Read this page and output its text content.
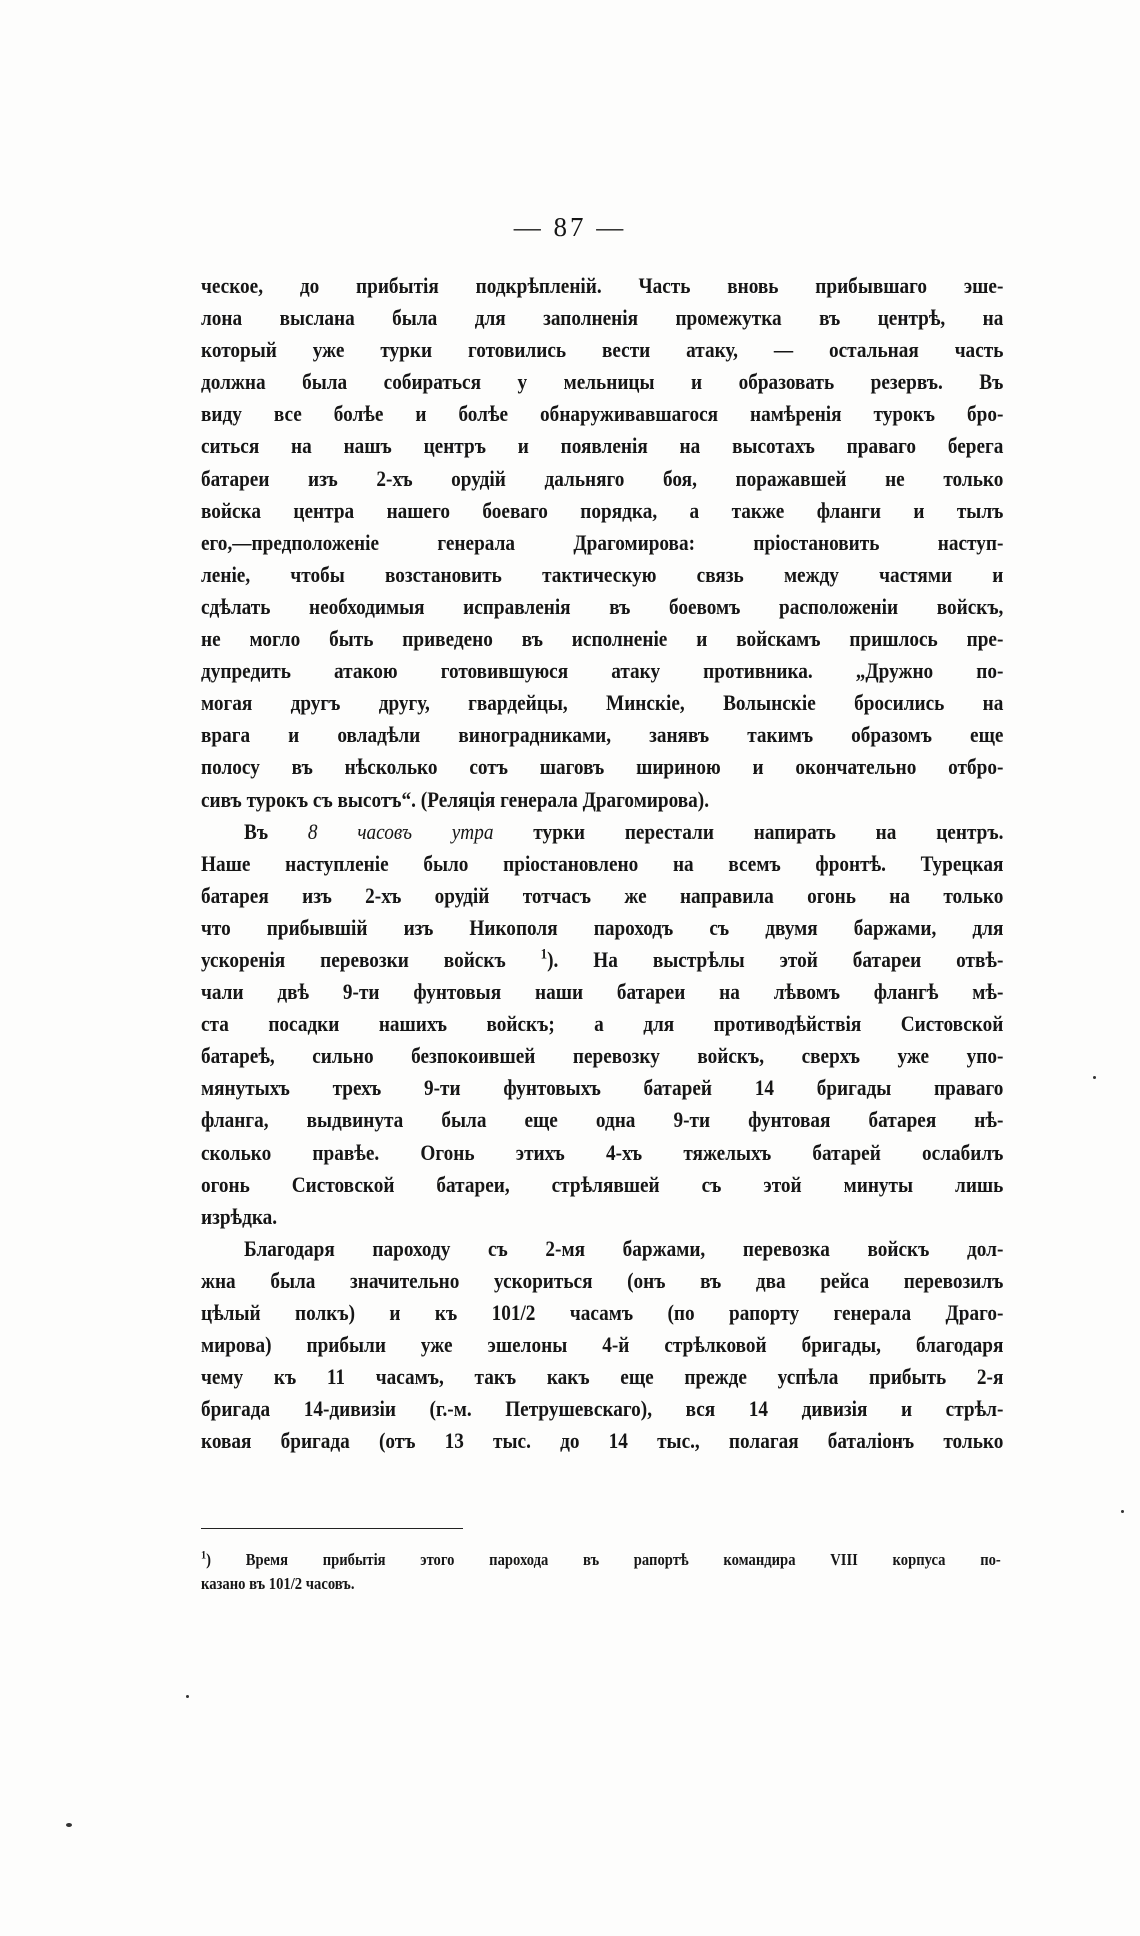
— 87 —
ческое, до прибытія подкрѣпленій. Часть вновь прибывшаго эше-
лона выслана была для заполненія промежутка въ центрѣ, на
который уже турки готовились вести атаку, — остальная часть
должна была собираться у мельницы и образовать резервъ. Въ
виду все болѣе и болѣе обнаруживавшагося намѣренія турокъ бро-
ситься на нашъ центръ и появленія на высотахъ праваго берега
батареи изъ 2-хъ орудій дальняго боя, поражавшей не только
войска центра нашего боеваго порядка, а также фланги и тылъ
его,—предположеніе генерала Драгомирова: пріостановить наступ-
леніе, чтобы возстановить тактическую связь между частями и
сдѣлать необходимыя исправленія въ боевомъ расположеніи войскъ,
не могло быть приведено въ исполненіе и войскамъ пришлось пре-
дупредить атакою готовившуюся атаку противника. „Дружно по-
могая другъ другу, гвардейцы, Минскіе, Волынскіе бросились на
врага и овладѣли виноградниками, занявъ такимъ образомъ еще
полосу въ нѣсколько сотъ шаговъ шириною и окончательно отбро-
сивъ турокъ съ высотъ“. (Реляція генерала Драгомирова).
Въ 8 часовъ утра турки перестали напирать на центръ.
Наше наступленіе было пріостановлено на всемъ фронтѣ. Турецкая
батарея изъ 2-хъ орудій тотчасъ же направила огонь на только
что прибывшій изъ Никополя пароходъ съ двумя баржами, для
ускоренія перевозки войскъ $^1$). На выстрѣлы этой батареи отвѣ-
чали двѣ 9-ти фунтовыя наши батареи на лѣвомъ флангѣ мѣ-
ста посадки нашихъ войскъ; а для противодѣйствія Систовской
батареѣ, сильно безпокоившей перевозку войскъ, сверхъ уже упо-
мянутыхъ трехъ 9-ти фунтовыхъ батарей 14 бригады праваго
фланга, выдвинута была еще одна 9-ти фунтовая батарея нѣ-
сколько правѣе. Огонь этихъ 4-хъ тяжелыхъ батарей ослабилъ
огонь Систовской батареи, стрѣлявшей съ этой минуты лишь
изрѣдка.
Благодаря пароходу съ 2-мя баржами, перевозка войскъ дол-
жна была значительно ускориться (онъ въ два рейса перевозилъ
цѣлый полкъ) и къ 101/2 часамъ (по рапорту генерала Драго-
мирова) прибыли уже эшелоны 4-й стрѣлковой бригады, благодаря
чему къ 11 часамъ, такъ какъ еще прежде успѣла прибыть 2-я
бригада 14-дивизіи (г.-м. Петрушевскаго), вся 14 дивизія и стрѣл-
ковая бригада (отъ 13 тыс. до 14 тыс., полагая баталіонъ только
$^1$) Время прибытія этого парохода въ рапортѣ командира VIII корпуса по-
казано въ 101/2 часовъ.
